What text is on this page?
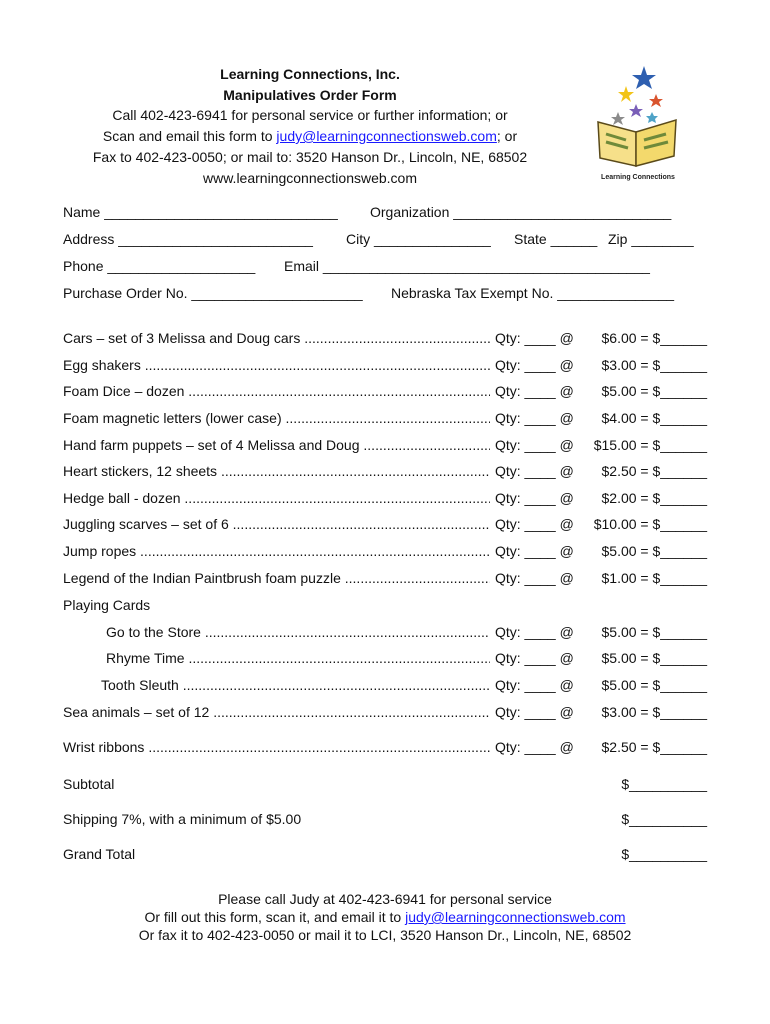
Learning Connections, Inc.
Manipulatives Order Form
Call 402-423-6941 for personal service or further information; or
Scan and email this form to judy@learningconnectionsweb.com; or
Fax to 402-423-0050; or mail to: 3520 Hanson Dr., Lincoln, NE, 68502
www.learningconnectionsweb.com	Learning Connections
Name ______________________________ Organization ____________________________
Address _________________________ City _______________ State ______ Zip ________
Phone ___________________ Email __________________________________________
Purchase Order No. ______________________ Nebraska Tax Exempt No. _______________
Cars – set of 3 Melissa and Doug cars .....	Qty: ____ @	$6.00 = $______
Egg shakers .....	Qty: ____ @	$3.00 = $______
Foam Dice – dozen .....	Qty: ____ @	$5.00 = $______
Foam magnetic letters (lower case) .....	Qty: ____ @	$4.00 = $______
Hand farm puppets – set of 4 Melissa and Doug .....	Qty: ____ @	$15.00 = $______
Heart stickers, 12 sheets .....	Qty: ____ @	$2.50 = $______
Hedge ball - dozen .....	Qty: ____ @	$2.00 = $______
Juggling scarves – set of 6 .....	Qty: ____ @	$10.00 = $______
Jump ropes .....	Qty: ____ @	$5.00 = $______
Legend of the Indian Paintbrush foam puzzle .....	Qty: ____ @	$1.00 = $______
Playing Cards
Go to the Store .....	Qty: ____ @	$5.00 = $______
Rhyme Time .....	Qty: ____ @	$5.00 = $______
Tooth Sleuth .....	Qty: ____ @	$5.00 = $______
Sea animals – set of 12 .....	Qty: ____ @	$3.00 = $______
Wrist ribbons .....	Qty: ____ @	$2.50 = $______
Subtotal	$__________
Shipping 7%, with a minimum of $5.00	$__________
Grand Total	$__________
Please call Judy at 402-423-6941 for personal service
Or fill out this form, scan it, and email it to judy@learningconnectionsweb.com
Or fax it to 402-423-0050 or mail it to LCI, 3520 Hanson Dr., Lincoln, NE, 68502
